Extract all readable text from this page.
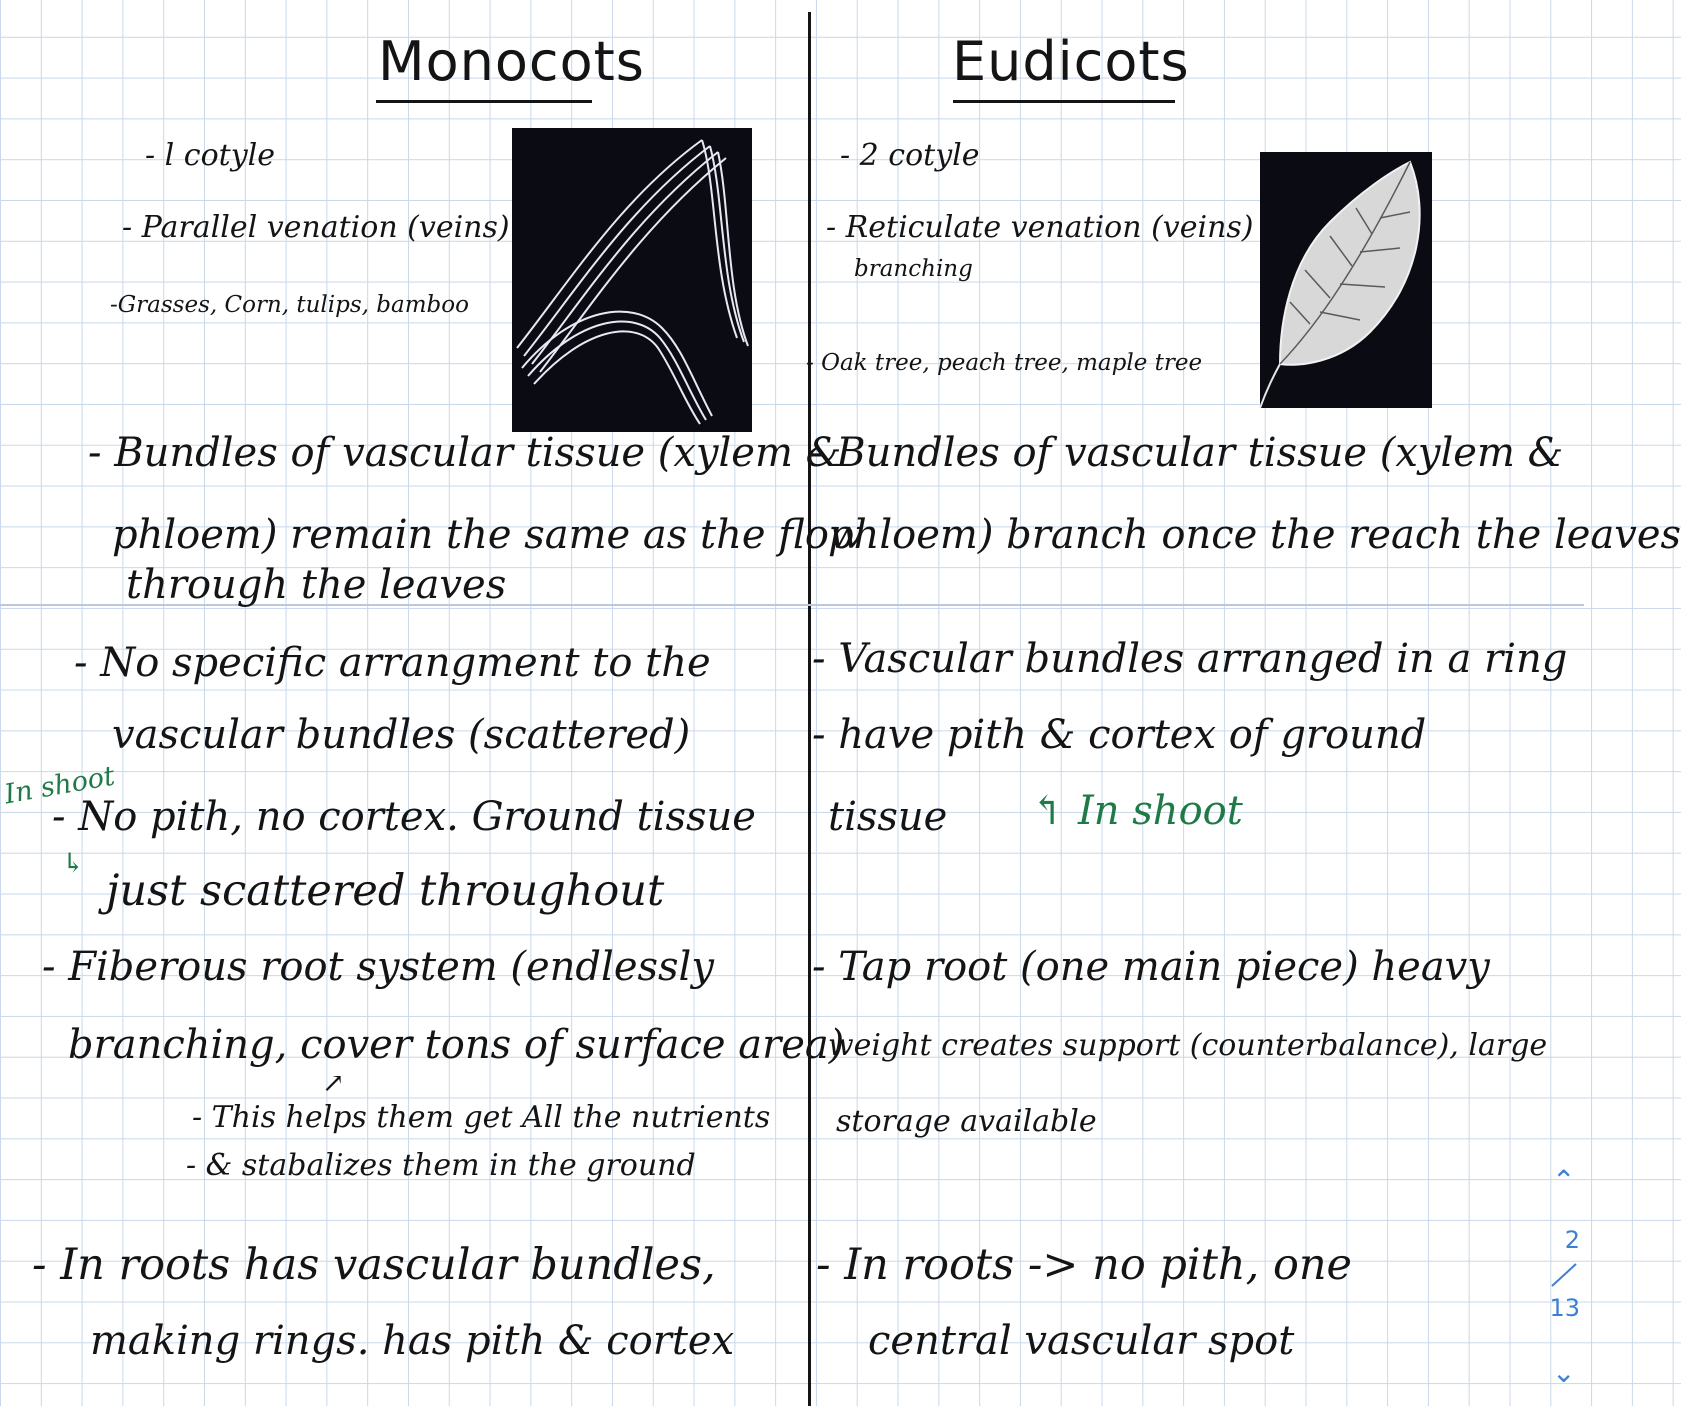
Monocots	Eudicots
- l cotyle
- Parallel venation (veins)
-Grasses, Corn, tulips, bamboo
- Bundles of vascular tissue (xylem &
phloem) remain the same as the flow
through the leaves
- No specific arrangment to the
vascular bundles (scattered)
In shoot
↳
- No pith, no cortex. Ground tissue
just scattered throughout
- Fiberous root system (endlessly
branching, cover tons of surface area)
↗
- This helps them get All the nutrients
- & stabalizes them in the ground
- In roots has vascular bundles,
making rings. has pith & cortex
- 2 cotyle
- Reticulate venation (veins)
branching
- Oak tree, peach tree, maple tree
- Bundles of vascular tissue (xylem &
phloem) branch once the reach the leaves
- Vascular bundles arranged in a ring
- have pith & cortex of ground
tissue ↰ In shoot
- Tap root (one main piece) heavy
weight creates support (counterbalance), large
storage available
- In roots -> no pith, one
central vascular spot
⌃
2
13
⌄
